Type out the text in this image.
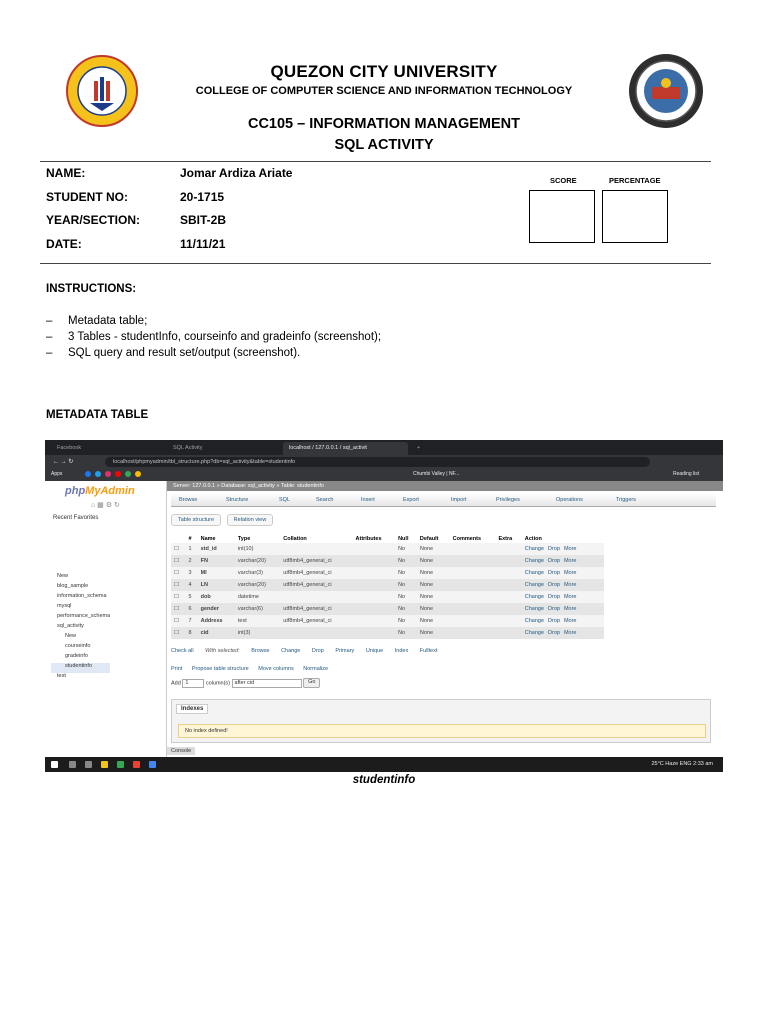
QUEZON CITY UNIVERSITY
COLLEGE OF COMPUTER SCIENCE AND INFORMATION TECHNOLOGY
CC105 – INFORMATION MANAGEMENT
SQL ACTIVITY
NAME:	Jomar Ardiza Ariate
STUDENT NO:	20-1715
YEAR/SECTION:	SBIT-2B
DATE:	11/11/21
SCORE	PERCENTAGE
INSTRUCTIONS:
– Metadata table;
– 3 Tables - studentInfo, courseinfo and gradeinfo (screenshot);
– SQL query and result set/output (screenshot).
METADATA TABLE
Facebook	SQL Activity	localhost / 127.0.0.1 / sql_activit	+
← → ↻	localhost/phpmyadmin/tbl_structure.php?db=sql_activity&table=studentinfo
Apps	Chumbi Valley | NF...	Reading list
phpMyAdmin
⌂ ▦ ⚙ ↻
Recent Favorites
New
blog_sample
information_schema
mysql
performance_schema
sql_activity
New
courseinfo
gradeinfo
studentinfo
test
Server: 127.0.0.1 » Database: sql_activity » Table: studentinfo
Browse	Structure	SQL	Search	Insert	Export	Import	Privileges	Operations	Triggers
Table structure	Relation view
	#	Name	Type	Collation	Attributes	Null	Default	Comments	Extra	Action
☐	1	std_id	int(10)			No	None			Change Drop More
☐	2	FN	varchar(20)	utf8mb4_general_ci		No	None			Change Drop More
☐	3	MI	varchar(3)	utf8mb4_general_ci		No	None			Change Drop More
☐	4	LN	varchar(20)	utf8mb4_general_ci		No	None			Change Drop More
☐	5	dob	datetime			No	None			Change Drop More
☐	6	gender	varchar(6)	utf8mb4_general_ci		No	None			Change Drop More
☐	7	Address	text	utf8mb4_general_ci		No	None			Change Drop More
☐	8	cid	int(3)			No	None			Change Drop More
Check all With selected: Browse Change Drop Primary Unique Index Fulltext
Print Propose table structure Move columns Normalize
Add 1	column(s) after cid	Go
Indexes
No index defined!
Console
25°C Haze ENG 2:33 am
studentinfo
